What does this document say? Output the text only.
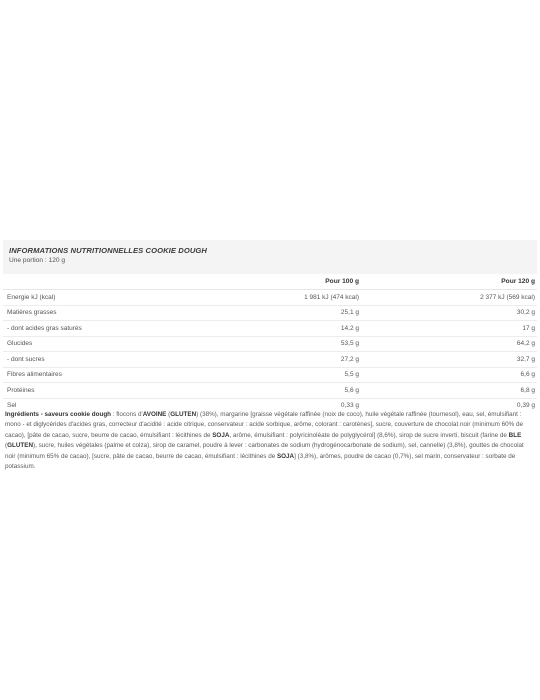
INFORMATIONS NUTRITIONNELLES COOKIE DOUGH
Une portion : 120 g
	Pour 100 g	Pour 120 g
Energie kJ (kcal)	1 981 kJ (474 kcal)	2 377 kJ (569 kcal)
Matières grasses	25,1 g	30,2 g
- dont acides gras saturés	14,2 g	17 g
Glucides	53,5 g	64,2 g
- dont sucres	27,2 g	32,7 g
Fibres alimentaires	5,5 g	6,6 g
Protéines	5,6 g	6,8 g
Sel	0,33 g	0,39 g
Ingrédients - saveurs cookie dough : flocons d'AVOINE (GLUTEN) (38%), margarine [graisse végétale raffinée (noix de coco), huile végétale raffinée (tournesol), eau, sel, émulsifiant : mono - et diglycérides d'acides gras, correcteur d'acidité : acide citrique, conservateur : acide sorbique, arôme, colorant : carotènes], sucre, couverture de chocolat noir (minimum 60% de cacao), [pâte de cacao, sucre, beurre de cacao, émulsifiant : lécithines de SOJA, arôme, émulsifiant : polyricinoléate de polyglycérol] (8,6%), sirop de sucre inverti, biscuit (farine de BLE (GLUTEN), sucre, huiles végétales (palme et colza), sirop de caramel, poudre à lever : carbonates de sodium (hydrogénocarbonate de sodium), sel, cannelle) (3,8%), gouttes de chocolat noir (minimum 65% de cacao), [sucre, pâte de cacao, beurre de cacao, émulsifiant : lécithines de SOJA] (3,8%), arômes, poudre de cacao (0,7%), sel marin, conservateur : sorbate de potassium.
